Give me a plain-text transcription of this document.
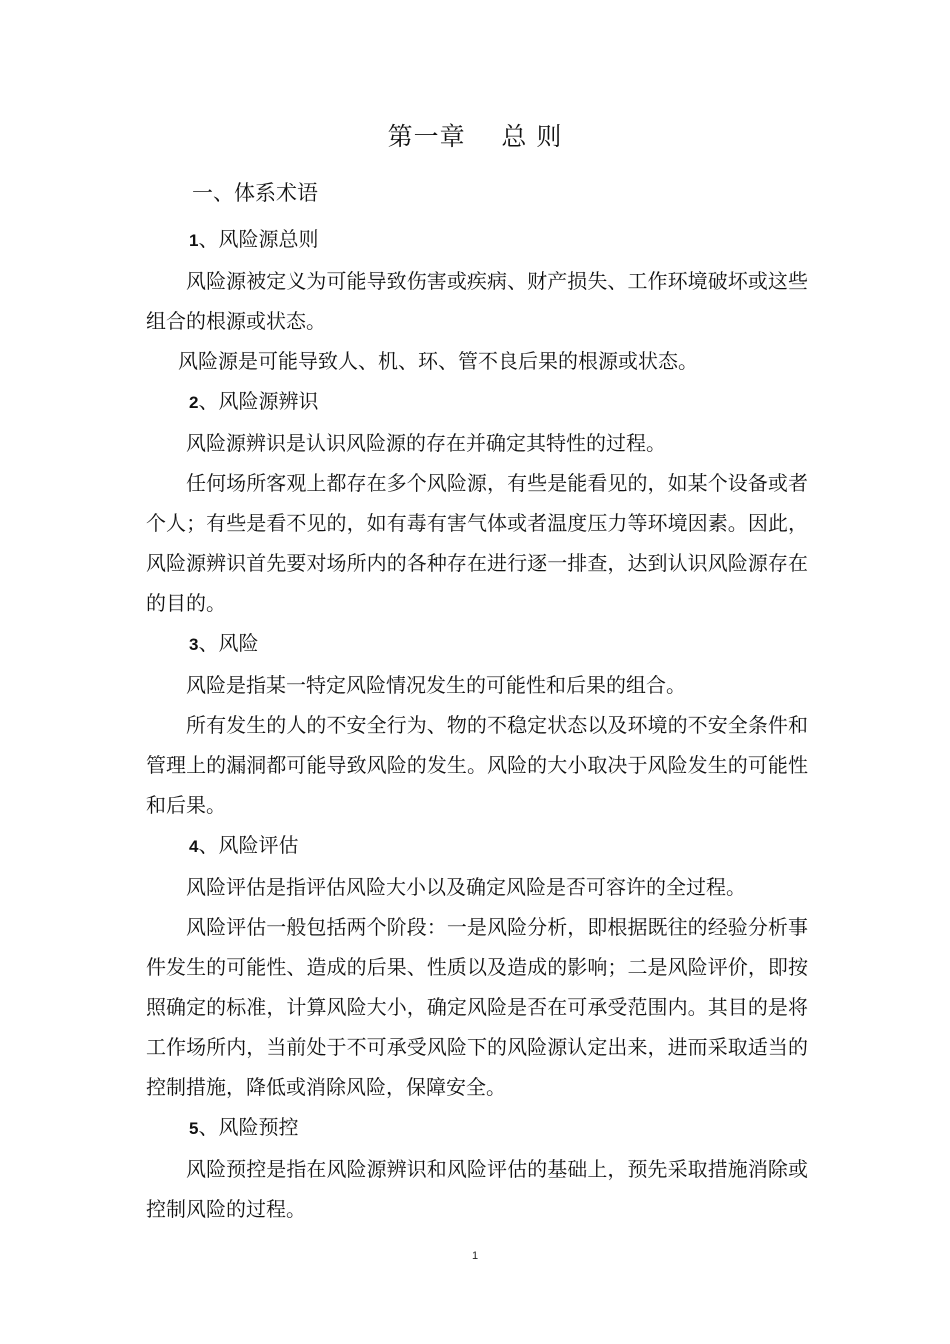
第一章    总 则
一、体系术语
1、风险源总则

风险源被定义为可能导致伤害或疾病、财产损失、工作环境破坏或这些组合的根源或状态。

风险源是可能导致人、机、环、管不良后果的根源或状态。

2、风险源辨识

风险源辨识是认识风险源的存在并确定其特性的过程。

任何场所客观上都存在多个风险源，有些是能看见的，如某个设备或者个人；有些是看不见的，如有毒有害气体或者温度压力等环境因素。因此，风险源辨识首先要对场所内的各种存在进行逐一排查，达到认识风险源存在的目的。

3、风险

风险是指某一特定风险情况发生的可能性和后果的组合。

所有发生的人的不安全行为、物的不稳定状态以及环境的不安全条件和管理上的漏洞都可能导致风险的发生。风险的大小取决于风险发生的可能性和后果。

4、风险评估

风险评估是指评估风险大小以及确定风险是否可容许的全过程。

风险评估一般包括两个阶段：一是风险分析，即根据既往的经验分析事件发生的可能性、造成的后果、性质以及造成的影响；二是风险评价，即按照确定的标准，计算风险大小，确定风险是否在可承受范围内。其目的是将工作场所内，当前处于不可承受风险下的风险源认定出来，进而采取适当的控制措施，降低或消除风险，保障安全。

5、风险预控

风险预控是指在风险源辨识和风险评估的基础上，预先采取措施消除或控制风险的过程。

1
